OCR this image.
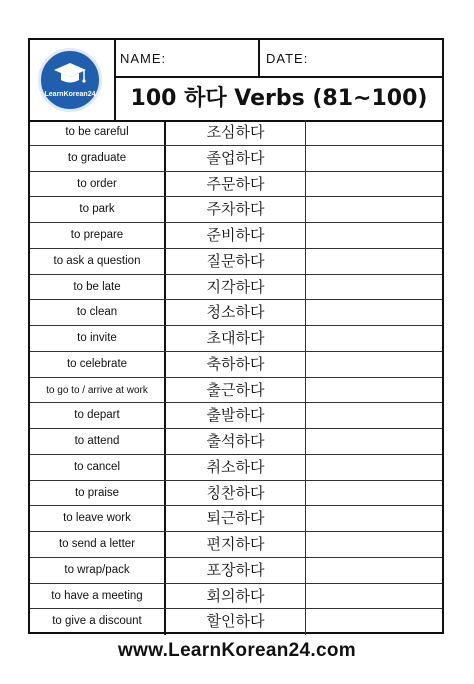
LearnKorean24
NAME:	DATE:
100 하다 Verbs (81~100)
to be careful	조심하다
to graduate	졸업하다
to order	주문하다
to park	주차하다
to prepare	준비하다
to ask a question	질문하다
to be late	지각하다
to clean	청소하다
to invite	초대하다
to celebrate	축하하다
to go to / arrive at work	출근하다
to depart	출발하다
to attend	출석하다
to cancel	취소하다
to praise	칭찬하다
to leave work	퇴근하다
to send a letter	편지하다
to wrap/pack	포장하다
to have a meeting	회의하다
to give a discount	할인하다
www.LearnKorean24.com
